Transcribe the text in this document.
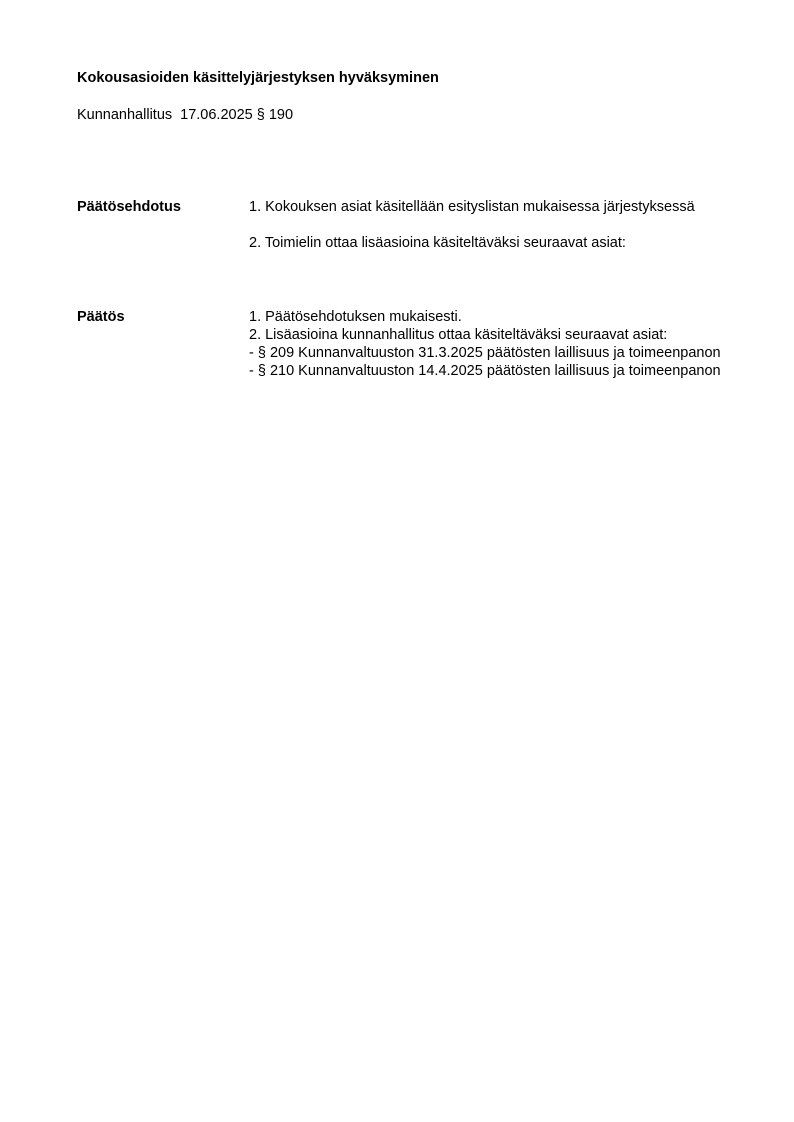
Kokousasioiden käsittelyjärjestyksen hyväksyminen
Kunnanhallitus 17.06.2025 § 190
Päätösehdotus	1. Kokouksen asiat käsitellään esityslistan mukaisessa järjestyksessä

2. Toimielin ottaa lisäasioina käsiteltäväksi seuraavat asiat:

Päätös	1. Päätösehdotuksen mukaisesti.

2. Lisäasioina kunnanhallitus ottaa käsiteltäväksi seuraavat asiat:

- § 209 Kunnanvaltuuston 31.3.2025 päätösten laillisuus ja toimeenpanon

- § 210 Kunnanvaltuuston 14.4.2025 päätösten laillisuus ja toimeenpanon
